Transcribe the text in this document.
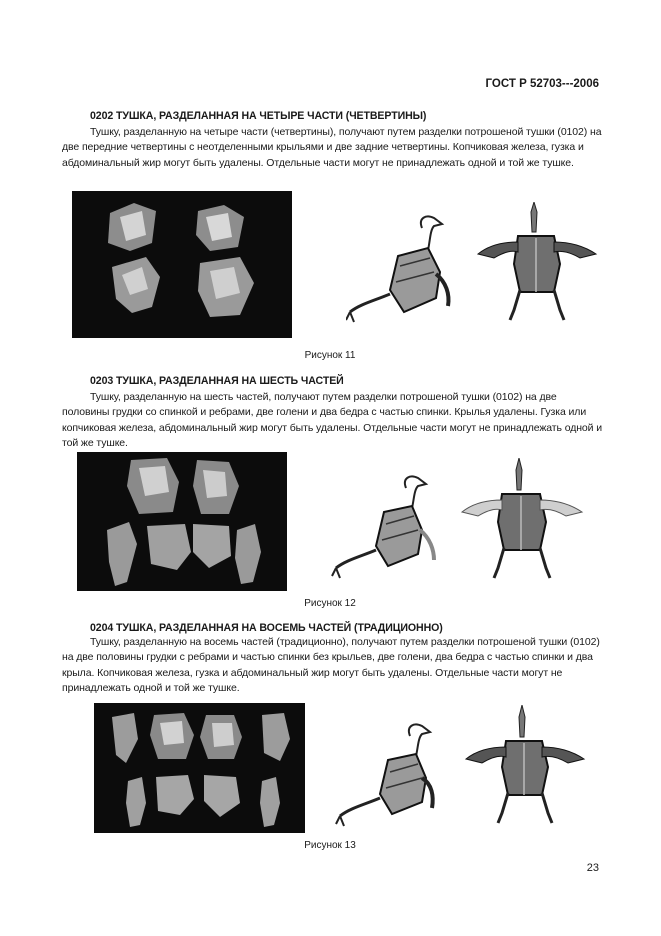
ГОСТ Р 52703---2006
0202 ТУШКА, РАЗДЕЛАННАЯ НА ЧЕТЫРЕ ЧАСТИ (ЧЕТВЕРТИНЫ)

Тушку, разделанную на четыре части (четвертины), получают путем разделки потрошеной тушки (0102) на две передние четвертины с неотделенными крыльями и две задние четвертины. Копчиковая железа, гузка и абдоминальный жир могут быть удалены. Отдельные части могут не принадлежать одной и той же тушке.

Рисунок 11
0203 ТУШКА, РАЗДЕЛАННАЯ НА ШЕСТЬ ЧАСТЕЙ

Тушку, разделанную на шесть частей, получают путем разделки потрошеной тушки (0102) на две половины грудки со спинкой и ребрами, две голени и два бедра с частью спинки. Крылья удалены. Гузка или копчиковая железа, абдоминальный жир могут быть удалены. Отдельные части могут не принадлежать одной и той же тушке.

Рисунок 12
0204 ТУШКА, РАЗДЕЛАННАЯ НА ВОСЕМЬ ЧАСТЕЙ (ТРАДИЦИОННО)

Тушку, разделанную на восемь частей (традиционно), получают путем разделки потрошеной тушки (0102) на две половины грудки с ребрами и частью спинки без крыльев, две голени, два бедра с частью спинки и два крыла. Копчиковая железа, гузка и абдоминальный жир могут быть удалены. Отдельные части могут не принадлежать одной и той же тушке.

Рисунок 13
23
